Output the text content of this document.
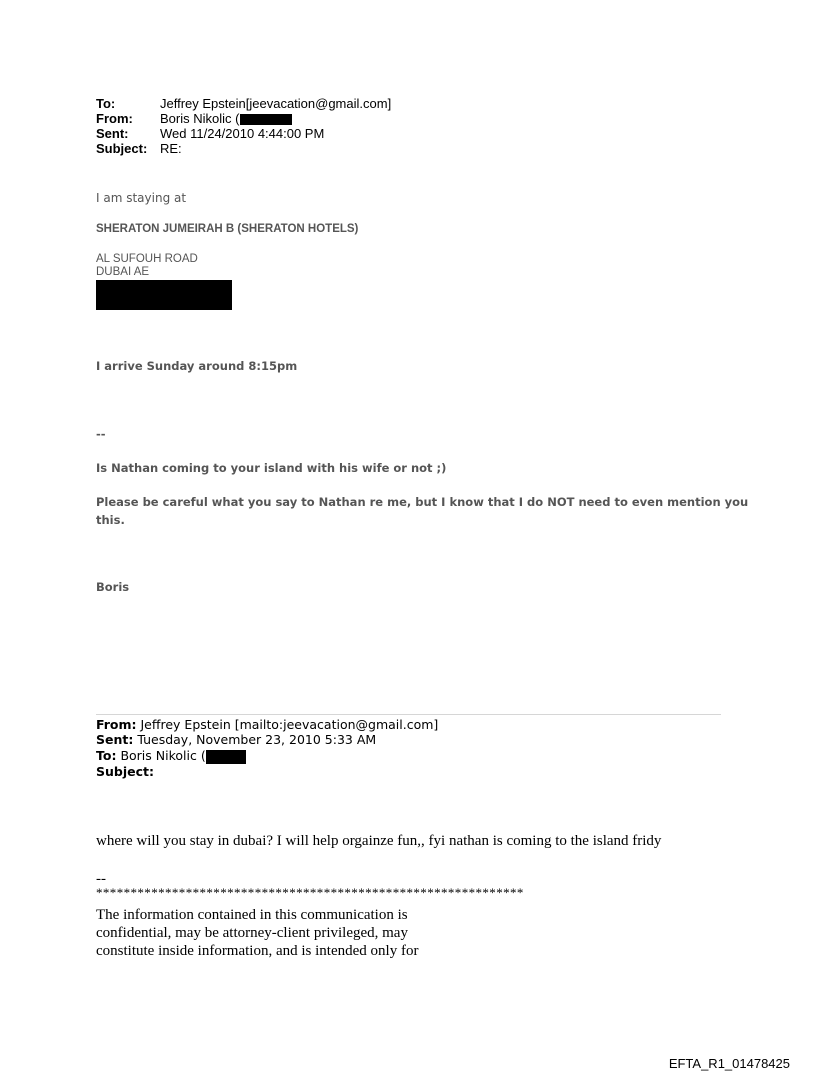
To:	Jeffrey Epstein[jeevacation@gmail.com]
From: Boris Nikolic (
Sent: Wed 11/24/2010 4:44:00 PM
Subject: RE:
I am staying at
SHERATON JUMEIRAH B (SHERATON HOTELS)
AL SUFOUH ROAD
DUBAI AE
I arrive Sunday around 8:15pm
--
Is Nathan coming to your island with his wife or not ;)
Please be careful what you say to Nathan re me, but I know that I do NOT need to even mention you
this.
Boris
From: Jeffrey Epstein [mailto:jeevacation@gmail.com]
Sent: Tuesday, November 23, 2010 5:33 AM
To: Boris Nikolic (
Subject:
where will you stay in dubai? I will help orgainze fun,, fyi nathan is coming to the island fridy
--
**************************************************************
The information contained in this communication is
confidential, may be attorney-client privileged, may
constitute inside information, and is intended only for
EFTA_R1_01478425
